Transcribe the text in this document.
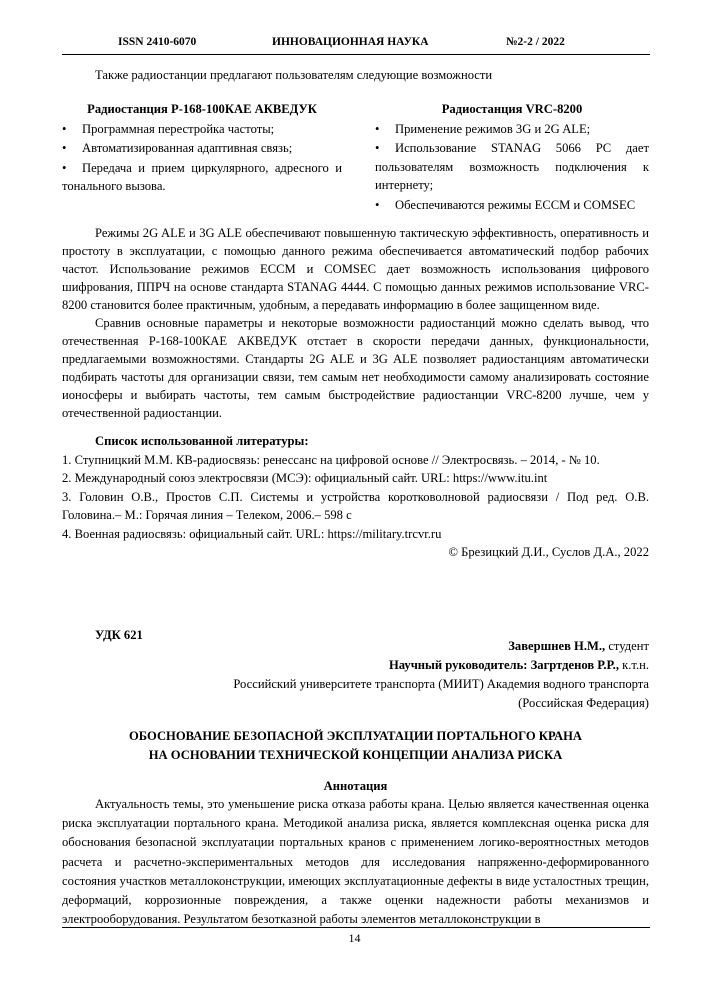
ISSN 2410-6070	ИННОВАЦИОННАЯ НАУКА	№2-2 / 2022
Также радиостанции предлагают пользователям следующие возможности

Радиостанция Р-168-100КАЕ АКВЕДУК

• Программная перестройка частоты;
• Автоматизированная адаптивная связь;
• Передача и прием циркулярного, адресного и тонального вызова.

Радиостанция VRC-8200

• Применение режимов 3G и 2G ALE;
• Использование STANAG 5066 PC дает пользователям возможность подключения к интернету;
• Обеспечиваются режимы ECCM и COMSEC

Режимы 2G ALE и 3G ALE обеспечивают повышенную тактическую эффективность, оперативность и простоту в эксплуатации, с помощью данного режима обеспечивается автоматический подбор рабочих частот. Использование режимов ECCM и COMSEC дает возможность использования цифрового шифрования, ППРЧ на основе стандарта STANAG 4444. С помощью данных режимов использование VRC-8200 становится более практичным, удобным, а передавать информацию в более защищенном виде.

Сравнив основные параметры и некоторые возможности радиостанций можно сделать вывод, что отечественная Р-168-100КАЕ АКВЕДУК отстает в скорости передачи данных, функциональности, предлагаемыми возможностями. Стандарты 2G ALE и 3G ALE позволяет радиостанциям автоматически подбирать частоты для организации связи, тем самым нет необходимости самому анализировать состояние ионосферы и выбирать частоты, тем самым быстродействие радиостанции VRC-8200 лучше, чем у отечественной радиостанции.

Список использованной литературы:
1. Ступницкий М.М. КВ-радиосвязь: ренессанс на цифровой основе // Электросвязь. – 2014, - № 10.
2. Международный союз электросвязи (МСЭ): официальный сайт. URL: https://www.itu.int
3. Головин О.В., Простов С.П. Системы и устройства коротковолновой радиосвязи / Под ред. О.В. Головина.– М.: Горячая линия – Телеком, 2006.– 598 с
4. Военная радиосвязь: официальный сайт. URL: https://military.trcvr.ru
© Брезицкий Д.И., Суслов Д.А., 2022
УДК 621
Завершнев Н.М., студент
Научный руководитель: Загртденов Р.Р., к.т.н.
Российский университете транспорта (МИИТ) Академия водного транспорта
(Российская Федерация)
ОБОСНОВАНИЕ БЕЗОПАСНОЙ ЭКСПЛУАТАЦИИ ПОРТАЛЬНОГО КРАНА
НА ОСНОВАНИИ ТЕХНИЧЕСКОЙ КОНЦЕПЦИИ АНАЛИЗА РИСКА
Аннотация

Актуальность темы, это уменьшение риска отказа работы крана. Целью является качественная оценка риска эксплуатации портального крана. Методикой анализа риска, является комплексная оценка риска для обоснования безопасной эксплуатации портальных кранов с применением логико-вероятностных методов расчета и расчетно-экспериментальных методов для исследования напряженно-деформированного состояния участков металлоконструкции, имеющих эксплуатационные дефекты в виде усталостных трещин, деформаций, коррозионные повреждения, а также оценки надежности работы механизмов и электрооборудования. Результатом безотказной работы элементов металлоконструкции в

14
